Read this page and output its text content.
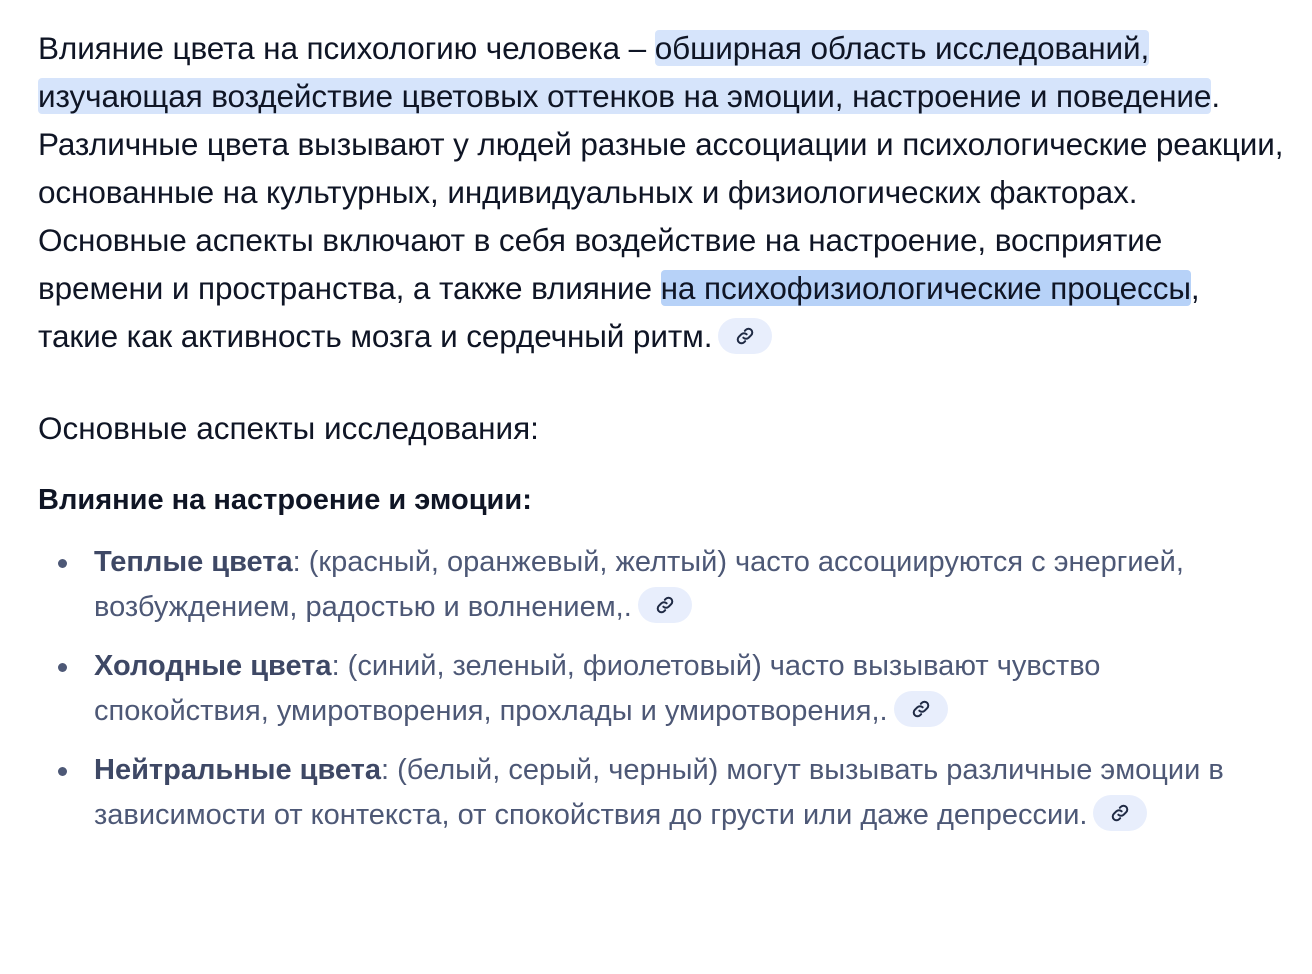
Влияние цвета на психологию человека – обширная область исследований, изучающая воздействие цветовых оттенков на эмоции, настроение и поведение. Различные цвета вызывают у людей разные ассоциации и психологические реакции, основанные на культурных, индивидуальных и физиологических факторах. Основные аспекты включают в себя воздействие на настроение, восприятие времени и пространства, а также влияние на психофизиологические процессы, такие как активность мозга и сердечный ритм.

Основные аспекты исследования:
Влияние на настроение и эмоции:
Теплые цвета: (красный, оранжевый, желтый) часто ассоциируются с энергией, возбуждением, радостью и волнением,.
Холодные цвета: (синий, зеленый, фиолетовый) часто вызывают чувство спокойствия, умиротворения, прохлады и умиротворения,.
Нейтральные цвета: (белый, серый, черный) могут вызывать различные эмоции в зависимости от контекста, от спокойствия до грусти или даже депрессии.
